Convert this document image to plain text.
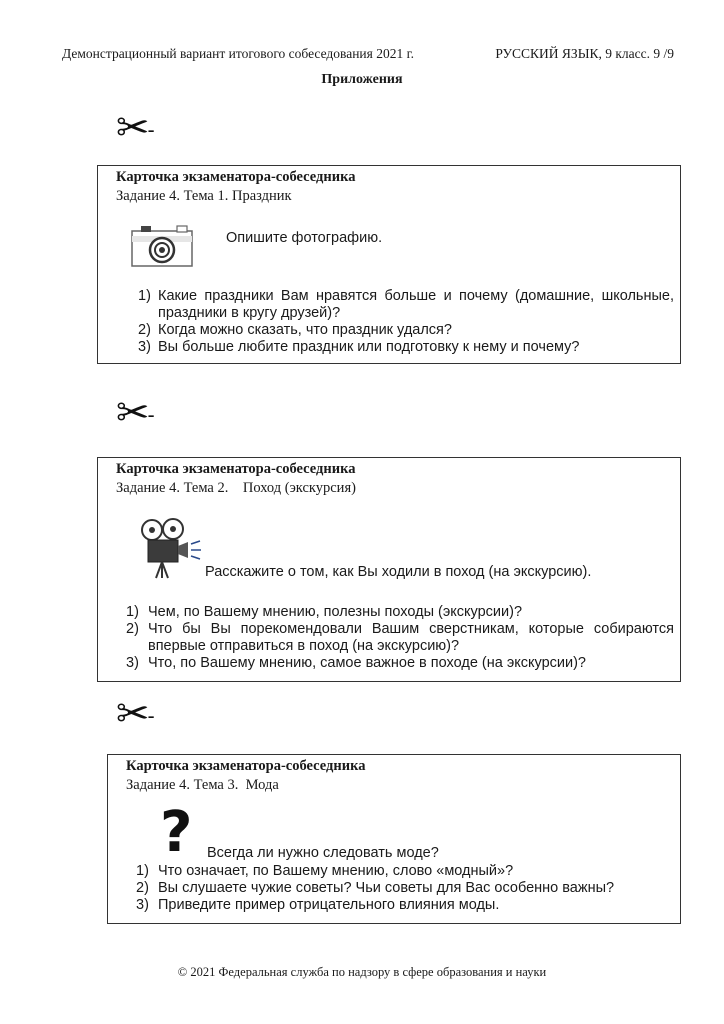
Демонстрационный вариант итогового собеседования 2021 г.	РУССКИЙ ЯЗЫК, 9 класс. 9 /9
Приложения
✂-
Карточка экзаменатора-собеседника
Задание 4. Тема 1. Праздник
Опишите фотографию.
1) Какие праздники Вам нравятся больше и почему (домашние, школьные, праздники в кругу друзей)?
2) Когда можно сказать, что праздник удался?
3) Вы больше любите праздник или подготовку к нему и почему?
✂-
Карточка экзаменатора-собеседника
Задание 4. Тема 2.    Поход (экскурсия)
Расскажите о том, как Вы ходили в поход (на экскурсию).
1) Чем, по Вашему мнению, полезны походы (экскурсии)?
2) Что бы Вы порекомендовали Вашим сверстникам, которые собираются впервые отправиться в поход (на экскурсию)?
3) Что, по Вашему мнению, самое важное в походе (на экскурсии)?
✂-
Карточка экзаменатора-собеседника
Задание 4. Тема 3.  Мода
? Всегда ли нужно следовать моде?
1) Что означает, по Вашему мнению, слово «модный»?
2) Вы слушаете чужие советы? Чьи советы для Вас особенно важны?
3) Приведите пример отрицательного влияния моды.
© 2021 Федеральная служба по надзору в сфере образования и науки
